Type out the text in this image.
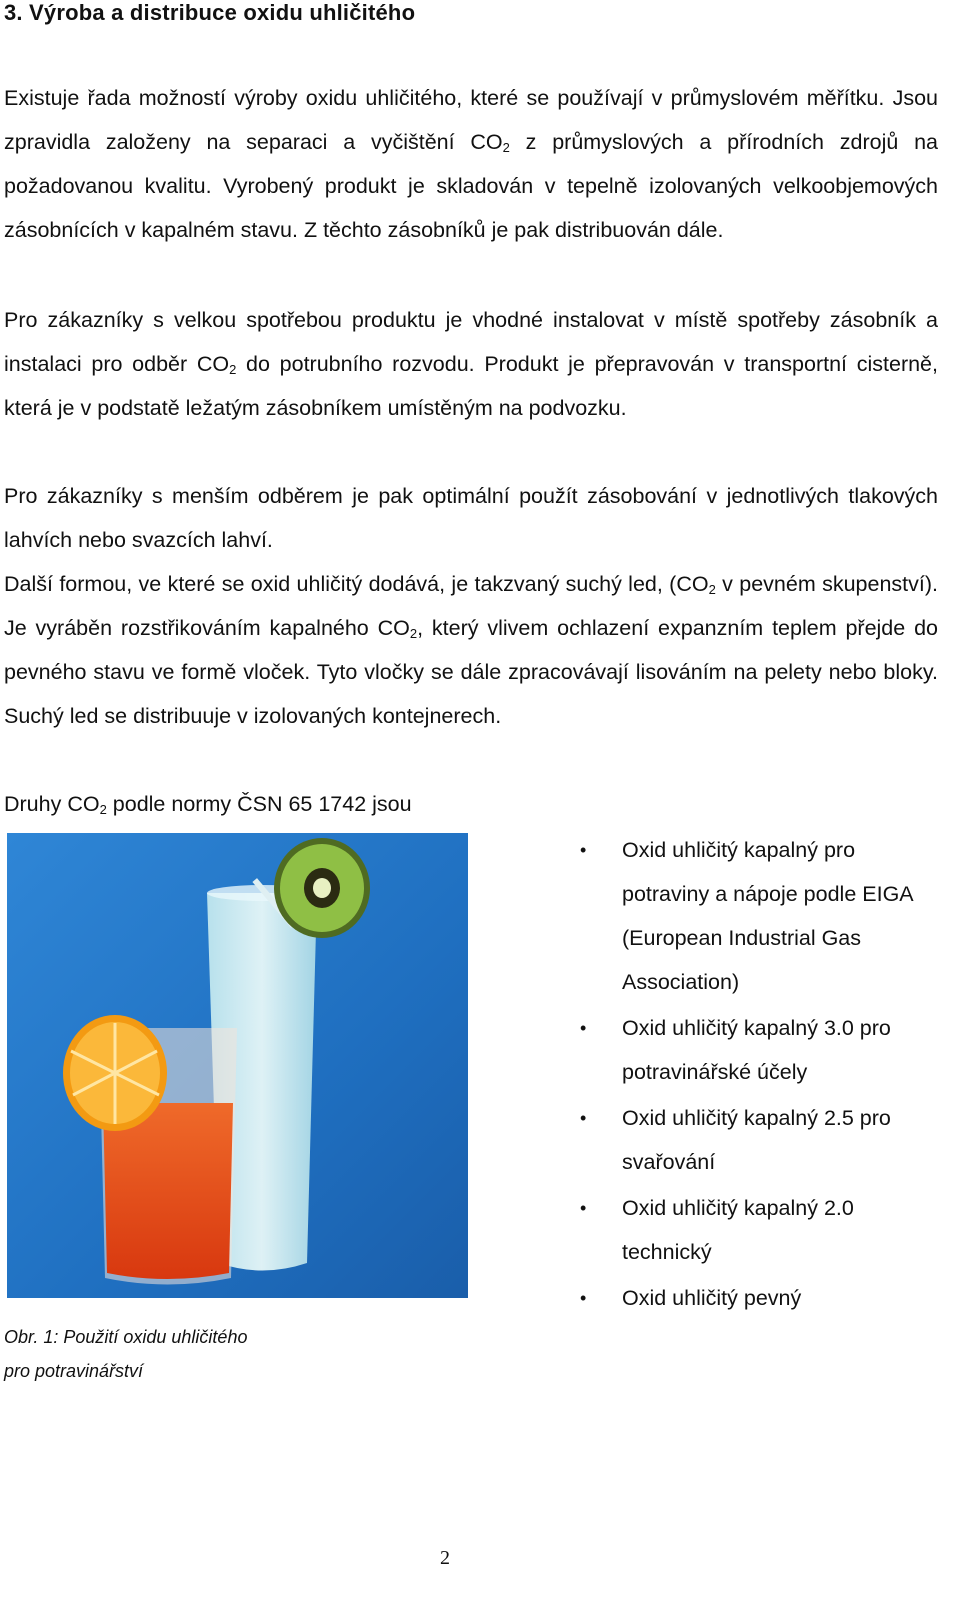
3. Výroba a distribuce oxidu uhličitého
Existuje řada možností výroby oxidu uhličitého, které se používají v průmyslovém měřítku. Jsou zpravidla založeny na separaci a vyčištění $CO_2$ z průmyslových a přírodních zdrojů na požadovanou kvalitu. Vyrobený produkt je skladován v tepelně izolovaných velkoobjemových zásobnících v kapalném stavu. Z těchto zásobníků je pak distribuován dále.
Pro zákazníky s velkou spotřebou produktu je vhodné instalovat v místě spotřeby zásobník a instalaci pro odběr $CO_2$ do potrubního rozvodu. Produkt je přepravován v transportní cisterně, která je v podstatě ležatým zásobníkem umístěným na podvozku.
Pro zákazníky s menším odběrem je pak optimální použít zásobování v jednotlivých tlakových lahvích nebo svazcích lahví.
Další formou, ve které se oxid uhličitý dodává, je takzvaný suchý led, ($CO_2$ v pevném skupenství). Je vyráběn rozstřikováním kapalného $CO_2$, který vlivem ochlazení expanzním teplem přejde do pevného stavu ve formě vloček. Tyto vločky se dále zpracovávají lisováním na pelety nebo bloky. Suchý led se distribuuje v izolovaných kontejnerech.
Druhy $CO_2$ podle normy ČSN 65 1742 jsou
Obr. 1: Použití oxidu uhličitého
pro potravinářství
• Oxid uhličitý kapalný pro potraviny a nápoje podle EIGA (European Industrial Gas Association)
• Oxid uhličitý kapalný 3.0 pro potravinářské účely
• Oxid uhličitý kapalný 2.5 pro svařování
• Oxid uhličitý kapalný 2.0 technický
• Oxid uhličitý pevný
2
